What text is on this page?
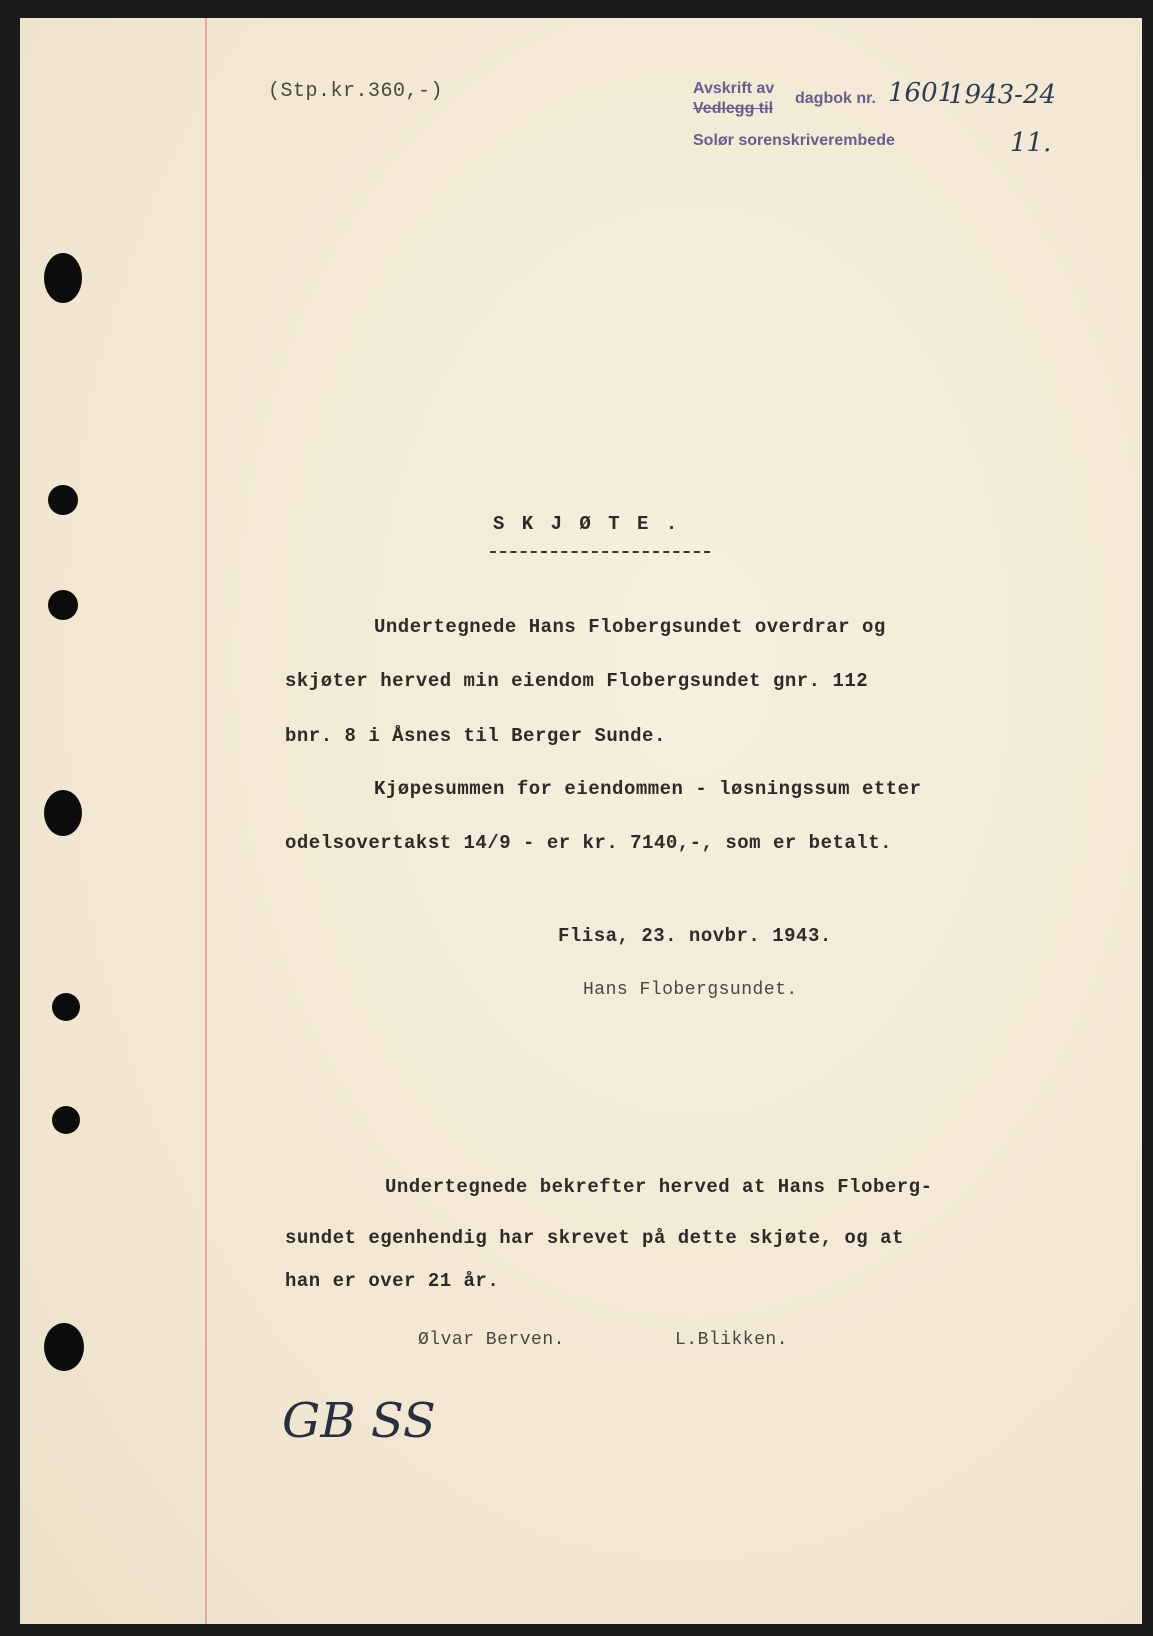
(Stp.kr.360,-)	Avskrift av
Vedlegg til
dagbok nr. 1601
1943-24
Solør sorenskriverembede	11.
S K J Ø T E .
Undertegnede Hans Flobergsundet overdrar og
skjøter herved min eiendom Flobergsundet gnr. 112
bnr. 8 i Åsnes til Berger Sunde.
Kjøpesummen for eiendommen - løsningssum etter
odelsovertakst 14/9 - er kr. 7140,-, som er betalt.
Flisa, 23. novbr. 1943.
Hans Flobergsundet.
Undertegnede bekrefter herved at Hans Floberg-
sundet egenhendig har skrevet på dette skjøte, og at
han er over 21 år.
Ølvar Berven.	L.Blikken.
GB SS
